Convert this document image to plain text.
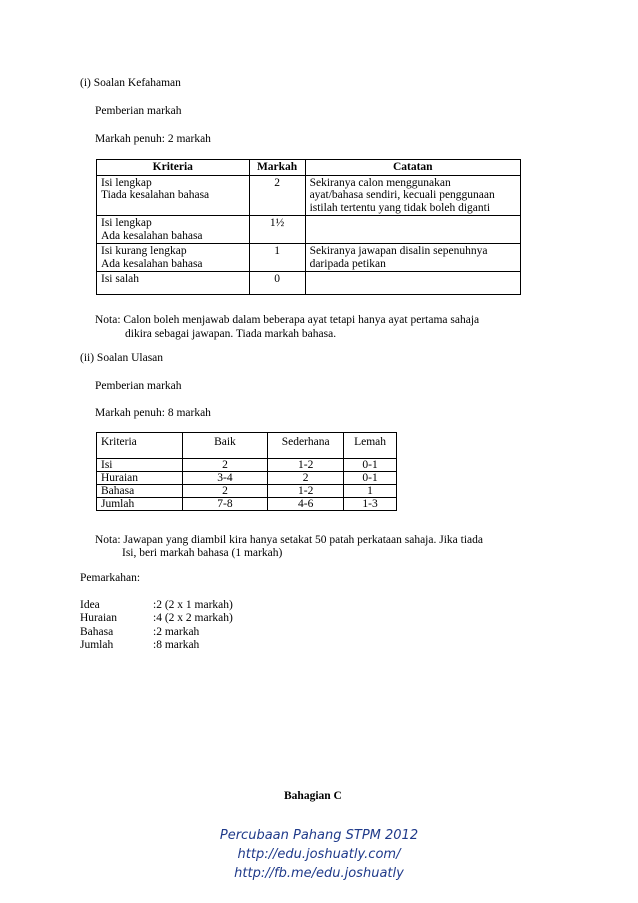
(i) Soalan Kefahaman
Pemberian markah
Markah penuh: 2 markah
Kriteria	Markah	Catatan

Isi lengkap
Tiada kesalahan bahasa	2	Sekiranya calon menggunakan
ayat/bahasa sendiri, kecuali penggunaan
istilah tertentu yang tidak boleh diganti

Isi lengkap
Ada kesalahan bahasa	1½	

Isi kurang lengkap
Ada kesalahan bahasa	1	Sekiranya jawapan disalin sepenuhnya
daripada petikan

Isi salah	0	
Nota: Calon boleh menjawab dalam beberapa ayat tetapi hanya ayat pertama sahaja
dikira sebagai jawapan. Tiada markah bahasa.
(ii) Soalan Ulasan
Pemberian markah
Markah penuh: 8 markah
Kriteria	Baik	Sederhana	Lemah
Isi	2	1-2	0-1
Huraian	3-4	2	0-1
Bahasa	2	1-2	1
Jumlah	7-8	4-6	1-3
Nota: Jawapan yang diambil kira hanya setakat 50 patah perkataan sahaja. Jika tiada
Isi, beri markah bahasa (1 markah)
Pemarkahan:
Idea	:2 (2 x 1 markah)
Huraian	:4 (2 x 2 markah)
Bahasa	:2 markah
Jumlah	:8 markah
Bahagian C
Percubaan Pahang STPM 2012
http://edu.joshuatly.com/
http://fb.me/edu.joshuatly
